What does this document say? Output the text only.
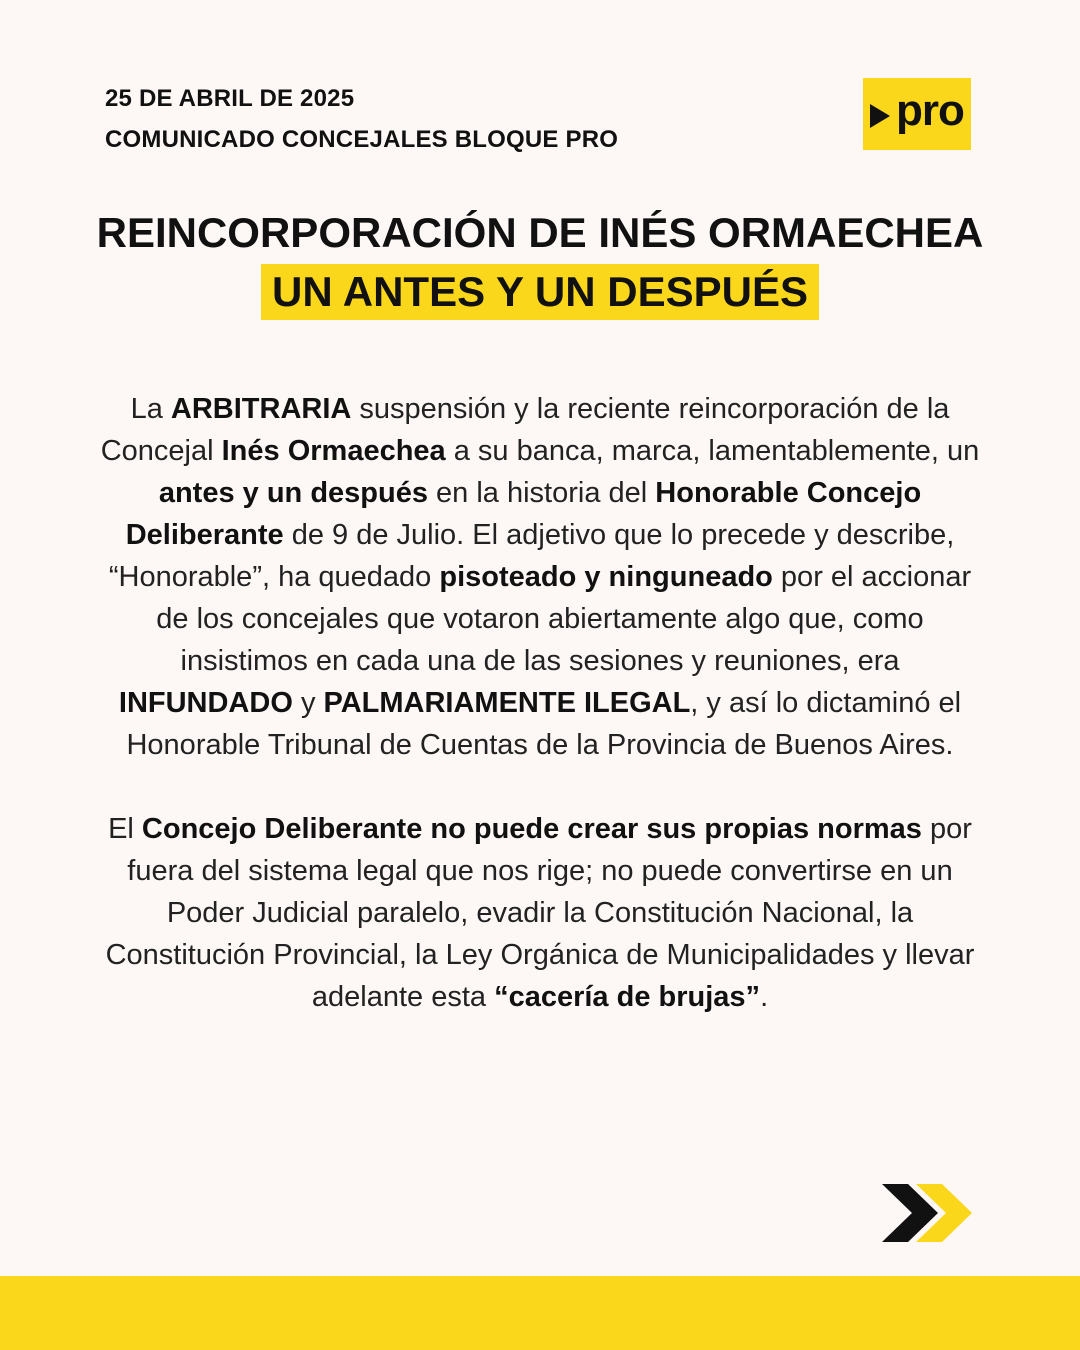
25 DE ABRIL DE 2025
COMUNICADO CONCEJALES BLOQUE PRO
pro
REINCORPORACIÓN DE INÉS ORMAECHEA
UN ANTES Y UN DESPUÉS
La ARBITRARIA suspensión y la reciente reincorporación de la Concejal Inés Ormaechea a su banca, marca, lamentablemente, un antes y un después en la historia del Honorable Concejo Deliberante de 9 de Julio. El adjetivo que lo precede y describe, “Honorable”, ha quedado pisoteado y ninguneado por el accionar de los concejales que votaron abiertamente algo que, como insistimos en cada una de las sesiones y reuniones, era INFUNDADO y PALMARIAMENTE ILEGAL, y así lo dictaminó el Honorable Tribunal de Cuentas de la Provincia de Buenos Aires.
El Concejo Deliberante no puede crear sus propias normas por fuera del sistema legal que nos rige; no puede convertirse en un Poder Judicial paralelo, evadir la Constitución Nacional, la Constitución Provincial, la Ley Orgánica de Municipalidades y llevar adelante esta “cacería de brujas”.
